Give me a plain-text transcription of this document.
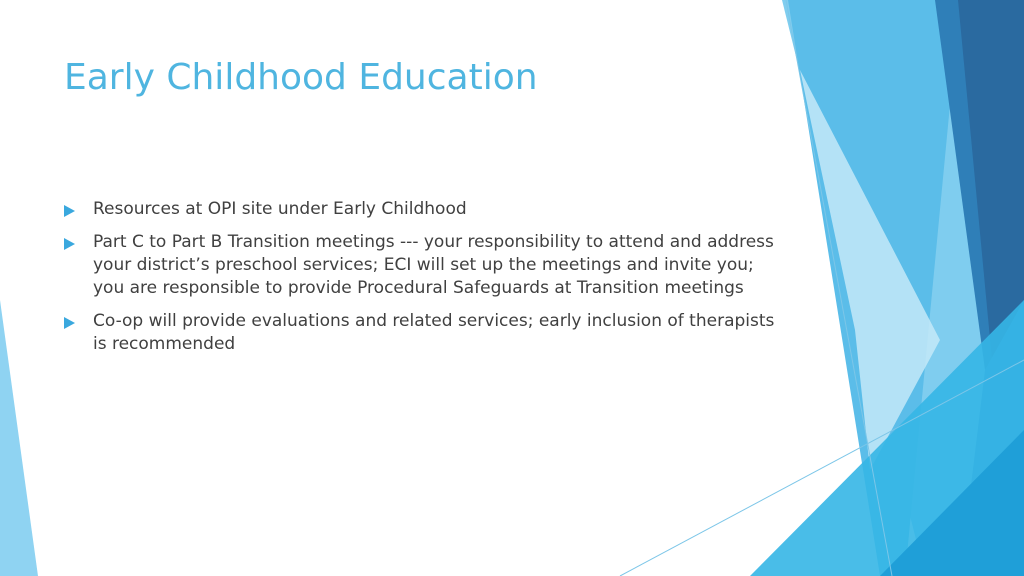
Early Childhood Education
Resources at OPI site under Early Childhood
Part C to Part B Transition meetings --- your responsibility to attend and address your district’s preschool services; ECI will set up the meetings and invite you; you are responsible to provide Procedural Safeguards at Transition meetings
Co-op will provide evaluations and related services; early inclusion of therapists is recommended
